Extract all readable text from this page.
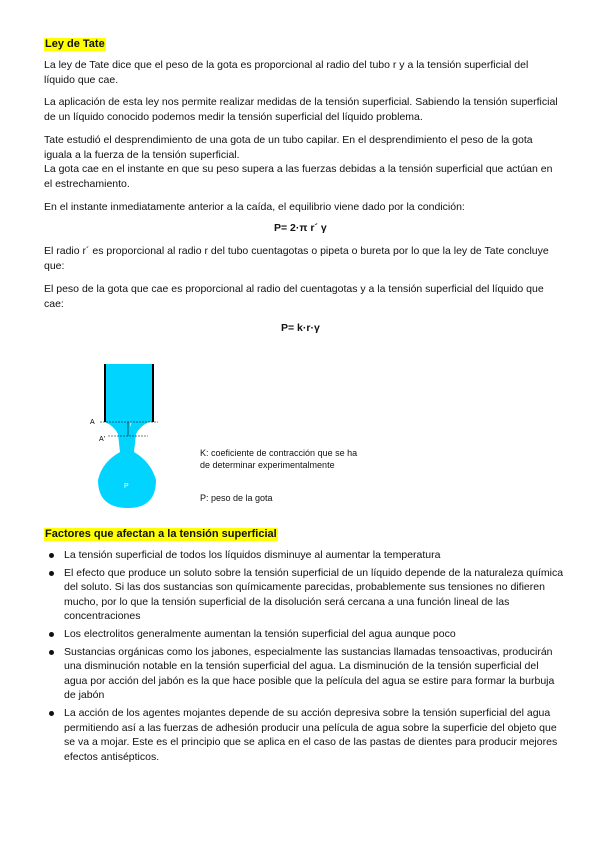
Ley de Tate

La ley de Tate dice que el peso de la gota es proporcional al radio del tubo r y a la tensión superficial del líquido que cae.

La aplicación de esta ley nos permite realizar medidas de la tensión superficial. Sabiendo la tensión superficial de un líquido conocido podemos medir la tensión superficial del líquido problema.

Tate estudió el desprendimiento de una gota de un tubo capilar. En el desprendimiento el peso de la gota iguala a la fuerza de la tensión superficial.

La gota cae en el instante en que su peso supera a las fuerzas debidas a la tensión superficial que actúan en el estrechamiento.

En el instante inmediatamente anterior a la caída, el equilibrio viene dado por la condición:

P= 2·π r´ γ

El radio r´ es proporcional al radio r del tubo cuentagotas o pipeta o bureta por lo que la ley de Tate concluye que:

El peso de la gota que cae es proporcional al radio del cuentagotas y a la tensión superficial del líquido que cae:

P= k·r·γ
A
B
A'	B'
r
P
K: coeficiente de contracción que se ha de determinar experimentalmente
P: peso de la gota
Factores que afectan a la tensión superficial
La tensión superficial de todos los líquidos disminuye al aumentar la temperatura
El efecto que produce un soluto sobre la tensión superficial de un líquido depende de la naturaleza química del soluto. Si las dos sustancias son químicamente parecidas, probablemente sus tensiones no difieren mucho, por lo que la tensión superficial de la disolución será cercana a una función lineal de las concentraciones
Los electrolitos generalmente aumentan la tensión superficial del agua aunque poco
Sustancias orgánicas como los jabones, especialmente las sustancias llamadas tensoactivas, producirán una disminución notable en la tensión superficial del agua. La disminución de la tensión superficial del agua por acción del jabón es la que hace posible que la película del agua se estire para formar la burbuja de jabón
La acción de los agentes mojantes depende de su acción depresiva sobre la tensión superficial del agua permitiendo así a las fuerzas de adhesión producir una película de agua sobre la superficie del objeto que se va a mojar. Este es el principio que se aplica en el caso de las pastas de dientes para producir mejores efectos antisépticos.
